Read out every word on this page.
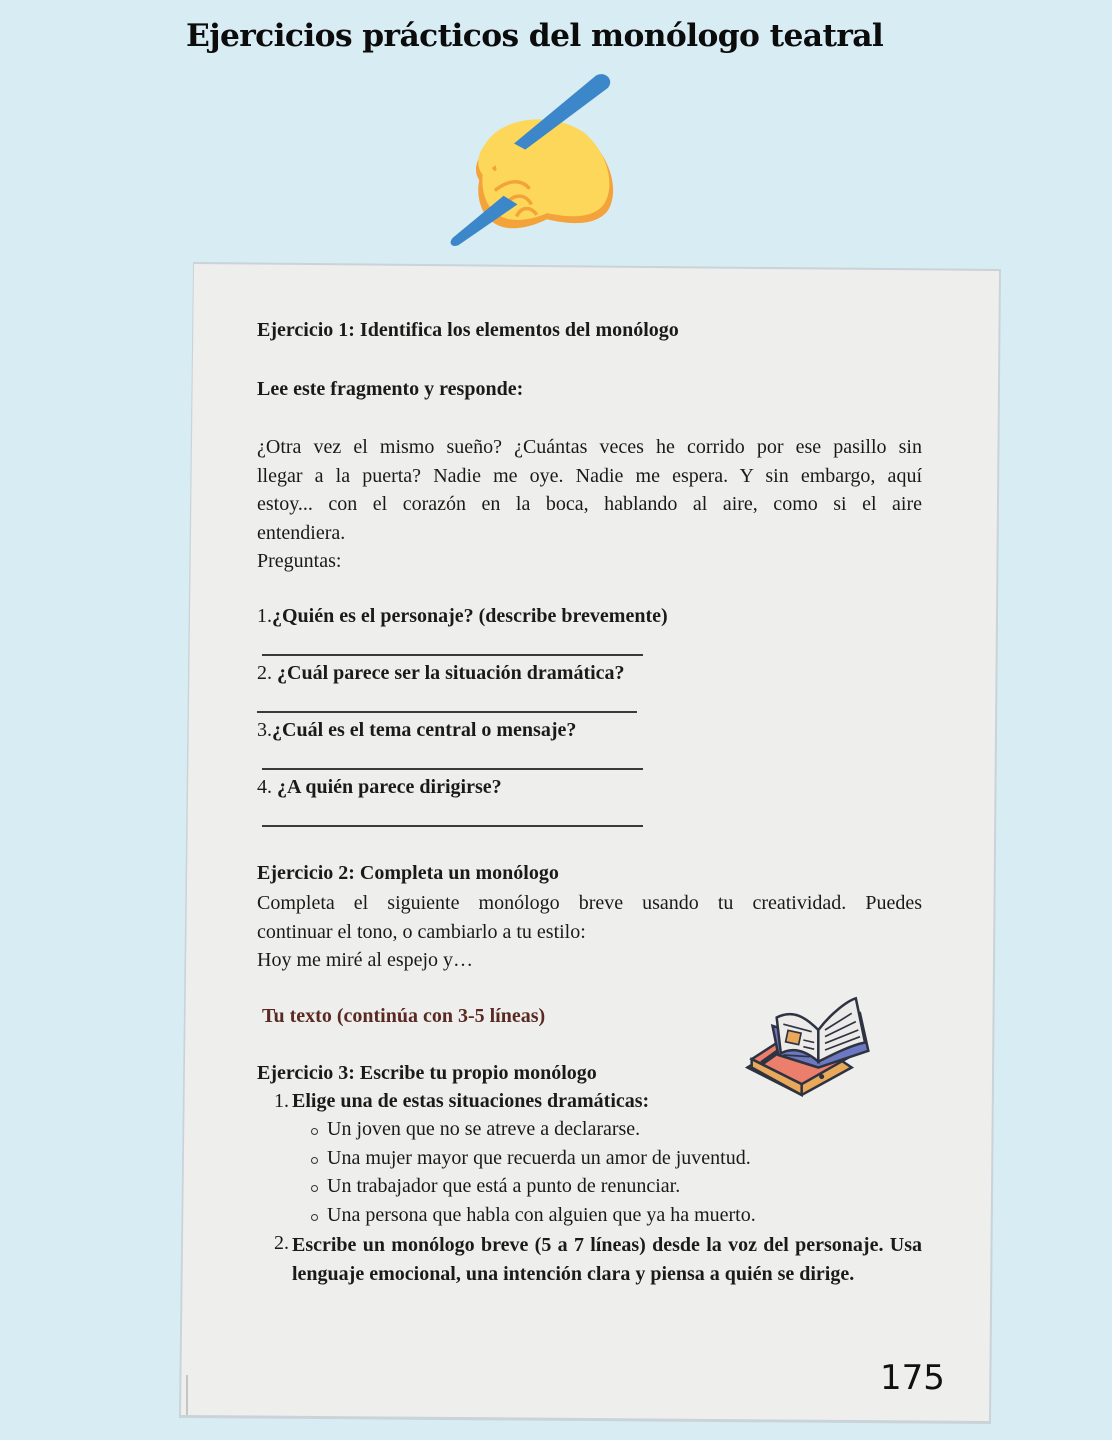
Ejercicios prácticos del monólogo teatral
Ejercicio 1: Identifica los elementos del monólogo
Lee este fragmento y responde:
¿Otra vez el mismo sueño? ¿Cuántas veces he corrido por ese pasillo sin
llegar a la puerta? Nadie me oye. Nadie me espera. Y sin embargo, aquí
estoy... con el corazón en la boca, hablando al aire, como si el aire
entendiera.
Preguntas:
1.¿Quién es el personaje? (describe brevemente)
2. ¿Cuál parece ser la situación dramática?
3.¿Cuál es el tema central o mensaje?
4. ¿A quién parece dirigirse?
Ejercicio 2: Completa un monólogo
Completa el siguiente monólogo breve usando tu creatividad. Puedes
continuar el tono, o cambiarlo a tu estilo:
Hoy me miré al espejo y…
Tu texto (continúa con 3-5 líneas)
Ejercicio 3: Escribe tu propio monólogo
1. Elige una de estas situaciones dramáticas:
Un joven que no se atreve a declararse.
Una mujer mayor que recuerda un amor de juventud.
Un trabajador que está a punto de renunciar.
Una persona que habla con alguien que ya ha muerto.
2. Escribe un monólogo breve (5 a 7 líneas) desde la voz del personaje. Usa
lenguaje emocional, una intención clara y piensa a quién se dirige.
175
